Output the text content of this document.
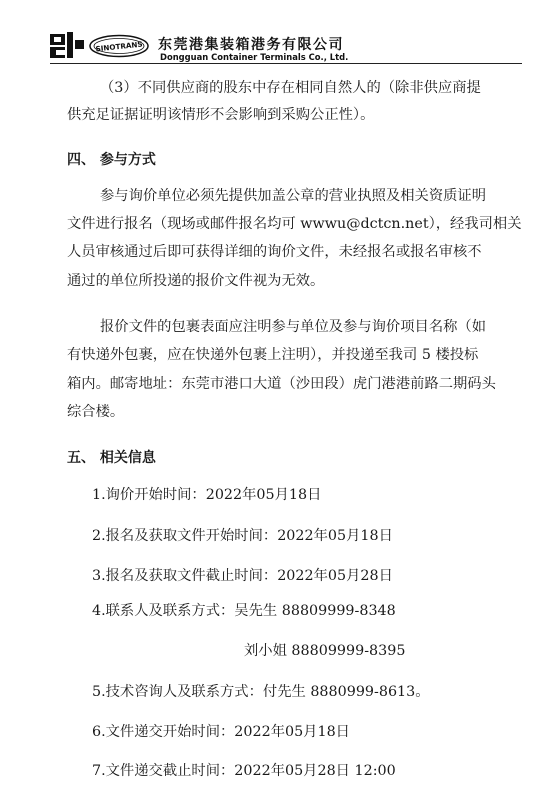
SINOTRANS 东莞港集装箱港务有限公司
Dongguan Container Terminals Co., Ltd.
（3）不同供应商的股东中存在相同自然人的（除非供应商提
供充足证据证明该情形不会影响到采购公正性）。
四、 参与方式
参与询价单位必须先提供加盖公章的营业执照及相关资质证明
文件进行报名（现场或邮件报名均可 wwwu@dctcn.net），经我司相关
人员审核通过后即可获得详细的询价文件，未经报名或报名审核不
通过的单位所投递的报价文件视为无效。
报价文件的包裹表面应注明参与单位及参与询价项目名称（如
有快递外包裹，应在快递外包裹上注明），并投递至我司 5 楼投标
箱内。邮寄地址：东莞市港口大道（沙田段）虎门港港前路二期码头
综合楼。
五、 相关信息
1.询价开始时间：2022年05月18日
2.报名及获取文件开始时间：2022年05月18日
3.报名及获取文件截止时间：2022年05月28日
4.联系人及联系方式：吴先生 88809999-8348
刘小姐 88809999-8395
5.技术咨询人及联系方式：付先生 8880999-8613。
6.文件递交开始时间：2022年05月18日
7.文件递交截止时间：2022年05月28日 12:00
